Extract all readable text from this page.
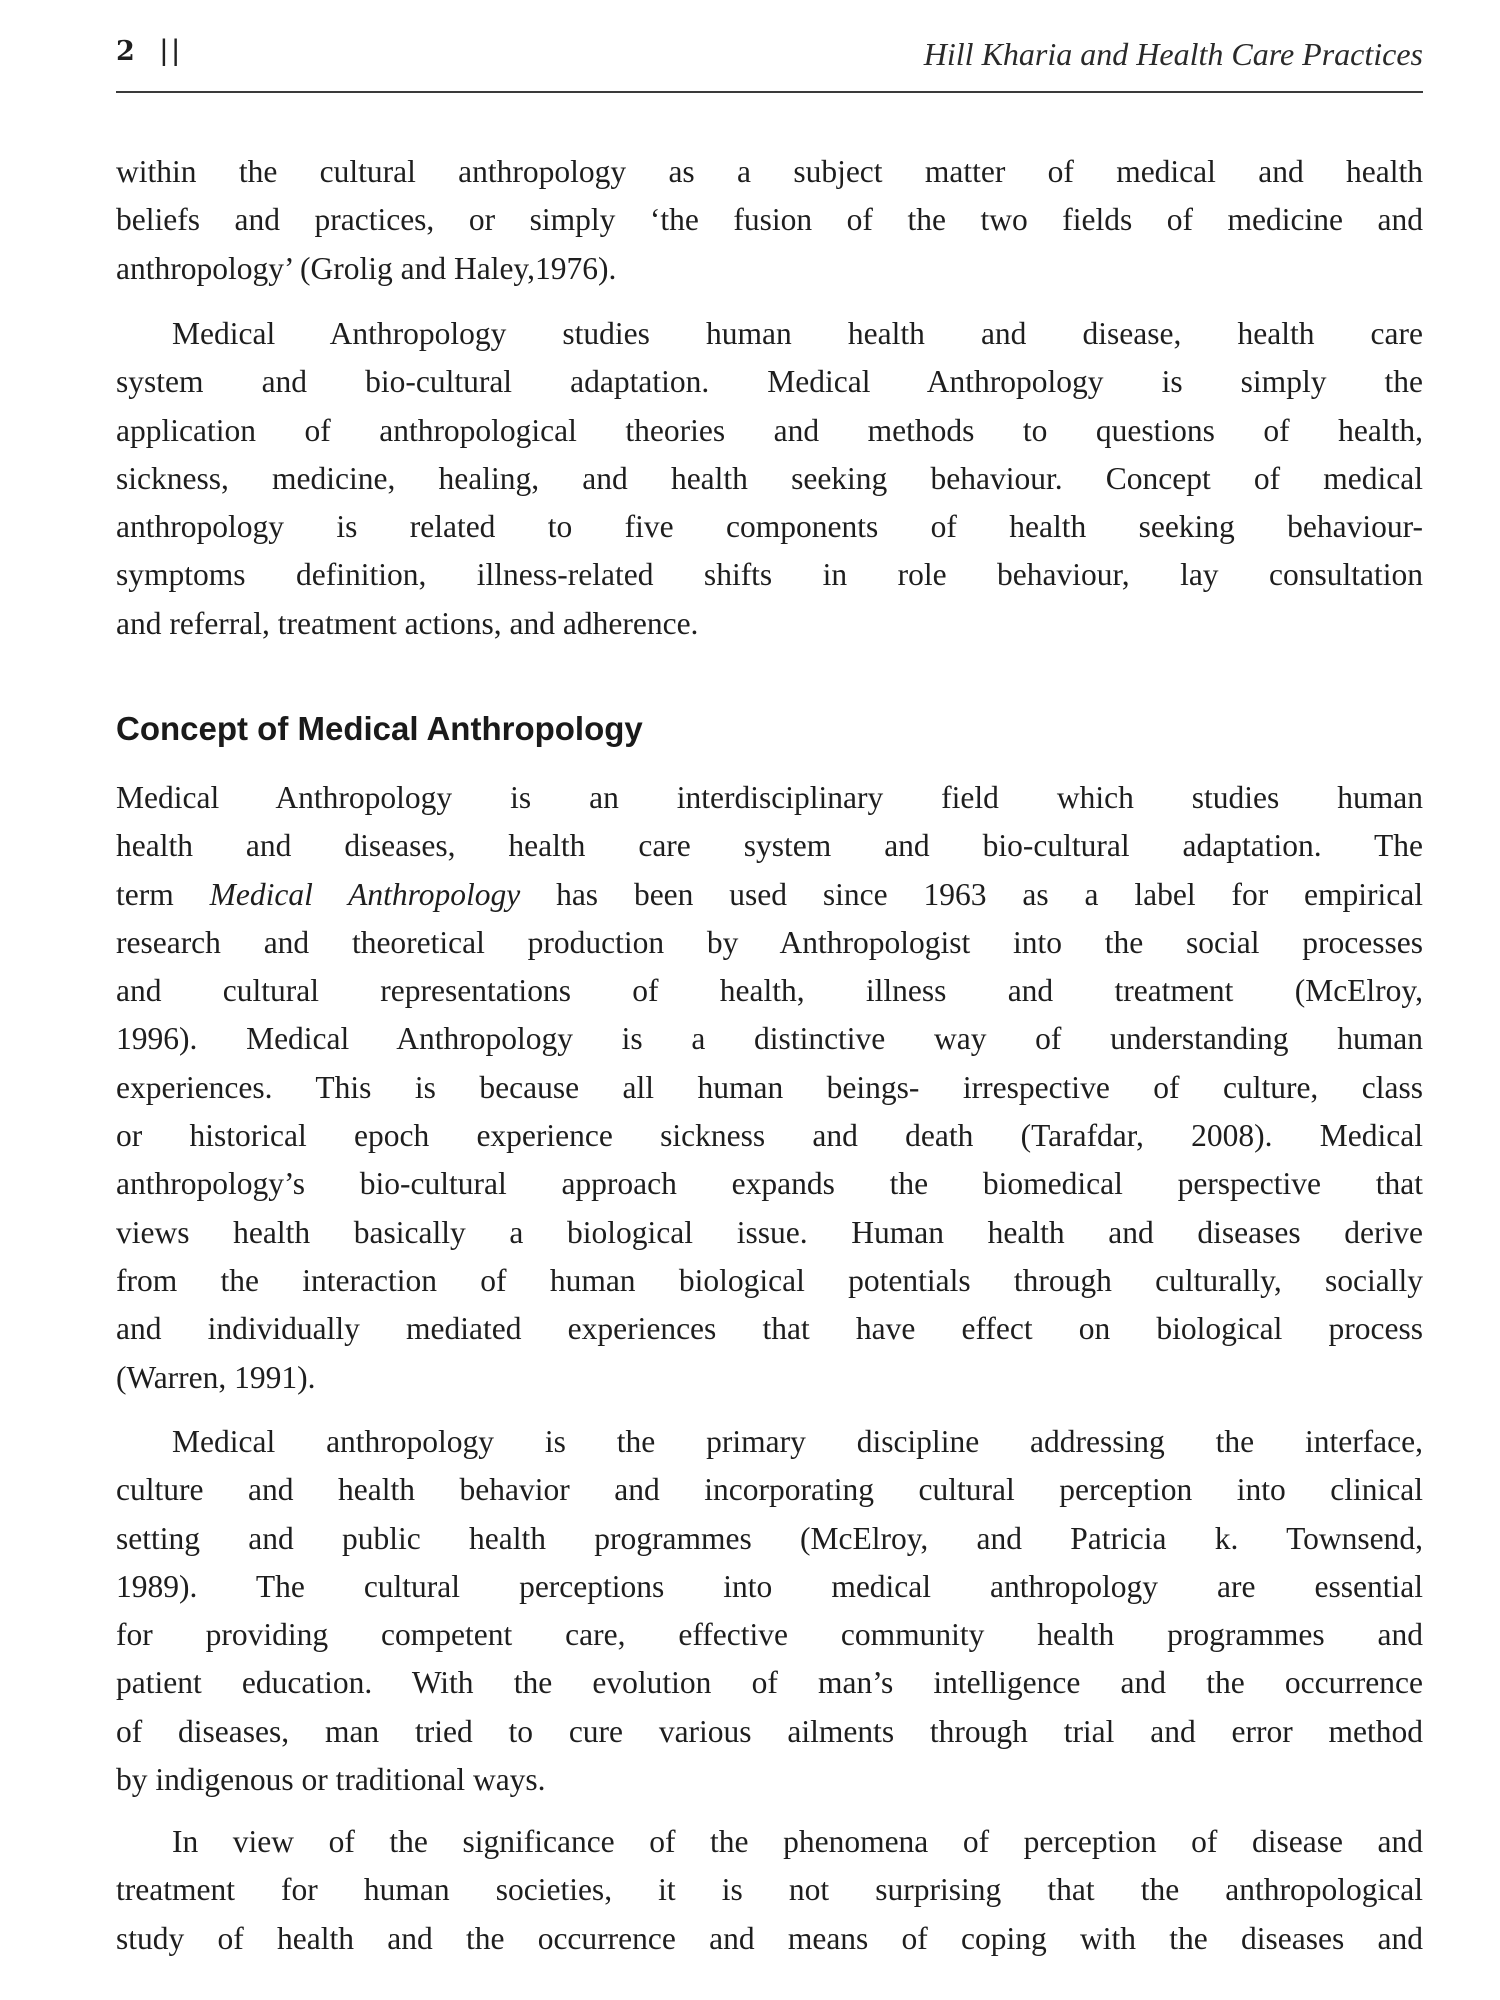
2 ||	Hill Kharia and Health Care Practices
within the cultural anthropology as a subject matter of medical and health
beliefs and practices, or simply ‘the fusion of the two fields of medicine and
anthropology’ (Grolig and Haley,1976).
Medical Anthropology studies human health and disease, health care
system and bio-cultural adaptation. Medical Anthropology is simply the
application of anthropological theories and methods to questions of health,
sickness, medicine, healing, and health seeking behaviour. Concept of medical
anthropology is related to five components of health seeking behaviour-
symptoms definition, illness-related shifts in role behaviour, lay consultation
and referral, treatment actions, and adherence.
Concept of Medical Anthropology
Medical Anthropology is an interdisciplinary field which studies human
health and diseases, health care system and bio-cultural adaptation. The
term Medical Anthropology has been used since 1963 as a label for empirical
research and theoretical production by Anthropologist into the social processes
and cultural representations of health, illness and treatment (McElroy,
1996). Medical Anthropology is a distinctive way of understanding human
experiences. This is because all human beings- irrespective of culture, class
or historical epoch experience sickness and death (Tarafdar, 2008). Medical
anthropology’s bio-cultural approach expands the biomedical perspective that
views health basically a biological issue. Human health and diseases derive
from the interaction of human biological potentials through culturally, socially
and individually mediated experiences that have effect on biological process
(Warren, 1991).
Medical anthropology is the primary discipline addressing the interface,
culture and health behavior and incorporating cultural perception into clinical
setting and public health programmes (McElroy, and Patricia k. Townsend,
1989). The cultural perceptions into medical anthropology are essential
for providing competent care, effective community health programmes and
patient education. With the evolution of man’s intelligence and the occurrence
of diseases, man tried to cure various ailments through trial and error method
by indigenous or traditional ways.
In view of the significance of the phenomena of perception of disease and
treatment for human societies, it is not surprising that the anthropological
study of health and the occurrence and means of coping with the diseases and
